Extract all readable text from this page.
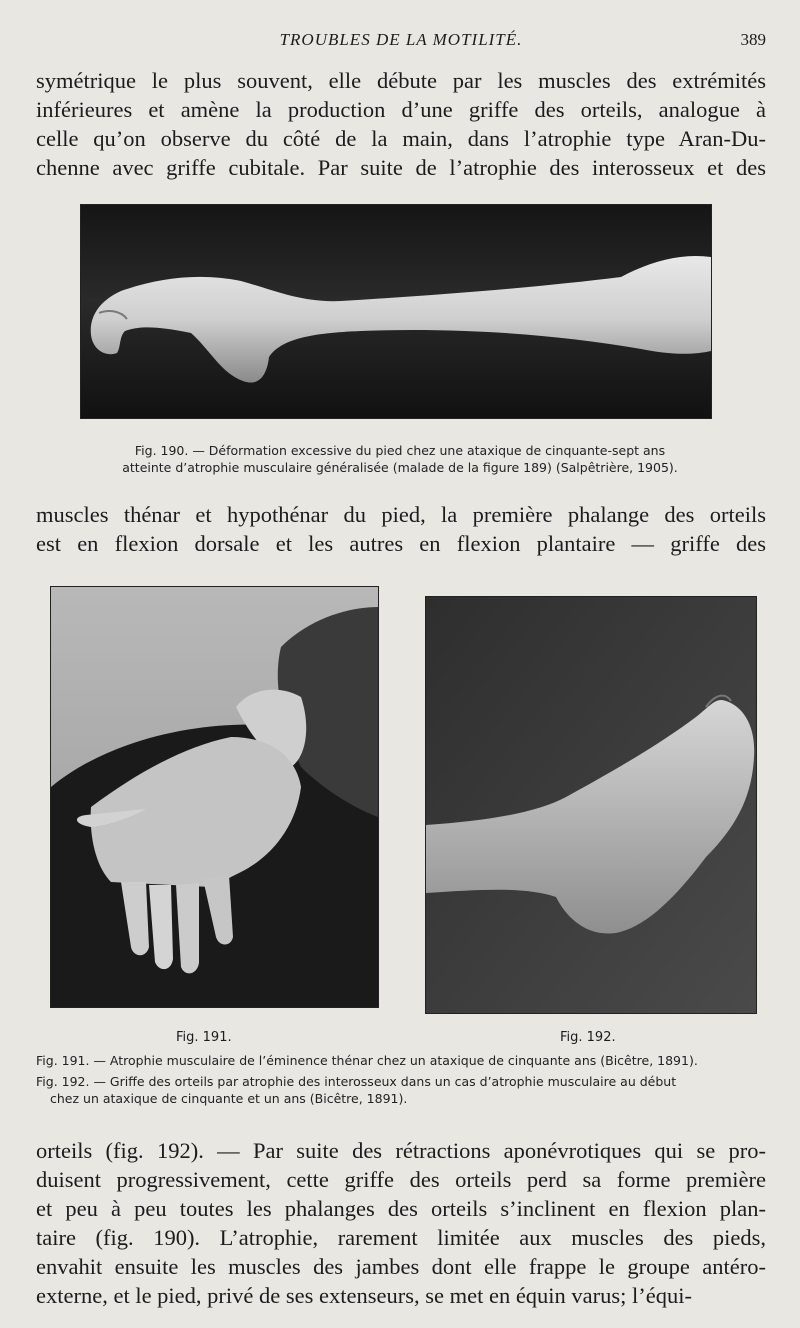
TROUBLES DE LA MOTILITÉ.	389
symétrique le plus souvent, elle débute par les muscles des extrémités
inférieures et amène la production d’une griffe des orteils, analogue à
celle qu’on observe du côté de la main, dans l’atrophie type Aran-Du-
chenne avec griffe cubitale. Par suite de l’atrophie des interosseux et des
Fig. 190. — Déformation excessive du pied chez une ataxique de cinquante-sept ans
atteinte d’atrophie musculaire généralisée (malade de la figure 189) (Salpêtrière, 1905).
muscles thénar et hypothénar du pied, la première phalange des orteils
est en flexion dorsale et les autres en flexion plantaire — griffe des
Fig. 191.	Fig. 192.
Fig. 191. — Atrophie musculaire de l’éminence thénar chez un ataxique de cinquante ans (Bicêtre, 1891).
Fig. 192. — Griffe des orteils par atrophie des interosseux dans un cas d’atrophie musculaire au début
chez un ataxique de cinquante et un ans (Bicêtre, 1891).
orteils (fig. 192). — Par suite des rétractions aponévrotiques qui se pro-
duisent progressivement, cette griffe des orteils perd sa forme première
et peu à peu toutes les phalanges des orteils s’inclinent en flexion plan-
taire (fig. 190). L’atrophie, rarement limitée aux muscles des pieds,
envahit ensuite les muscles des jambes dont elle frappe le groupe antéro-
externe, et le pied, privé de ses extenseurs, se met en équin varus; l’équi-
